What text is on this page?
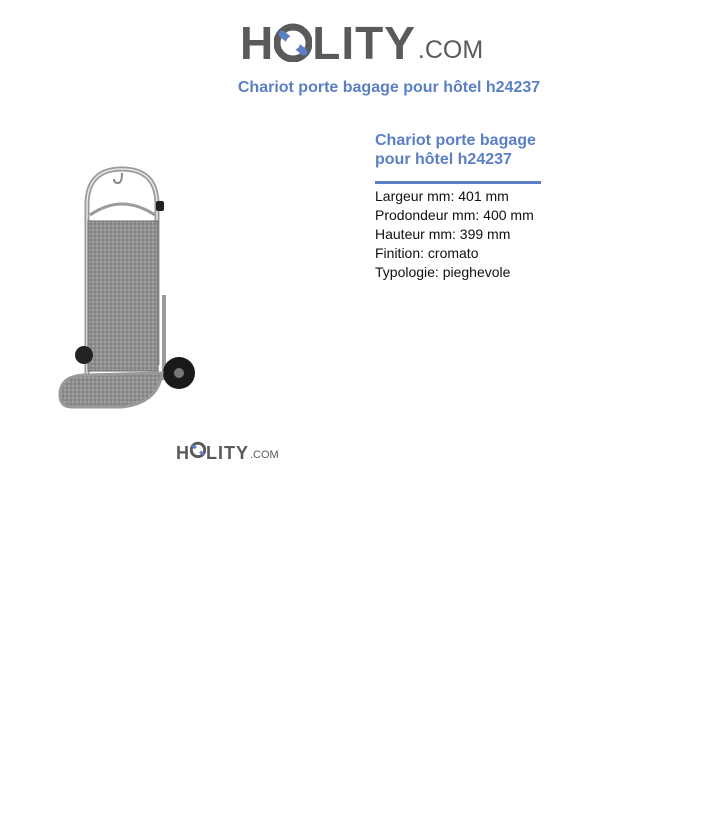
H LITY .COM
Chariot porte bagage pour hôtel h24237
H LITY .COM
Chariot porte bagage
pour hôtel h24237
Largeur mm: 401 mm
Prodondeur mm: 400 mm
Hauteur mm: 399 mm
Finition: cromato
Typologie: pieghevole
